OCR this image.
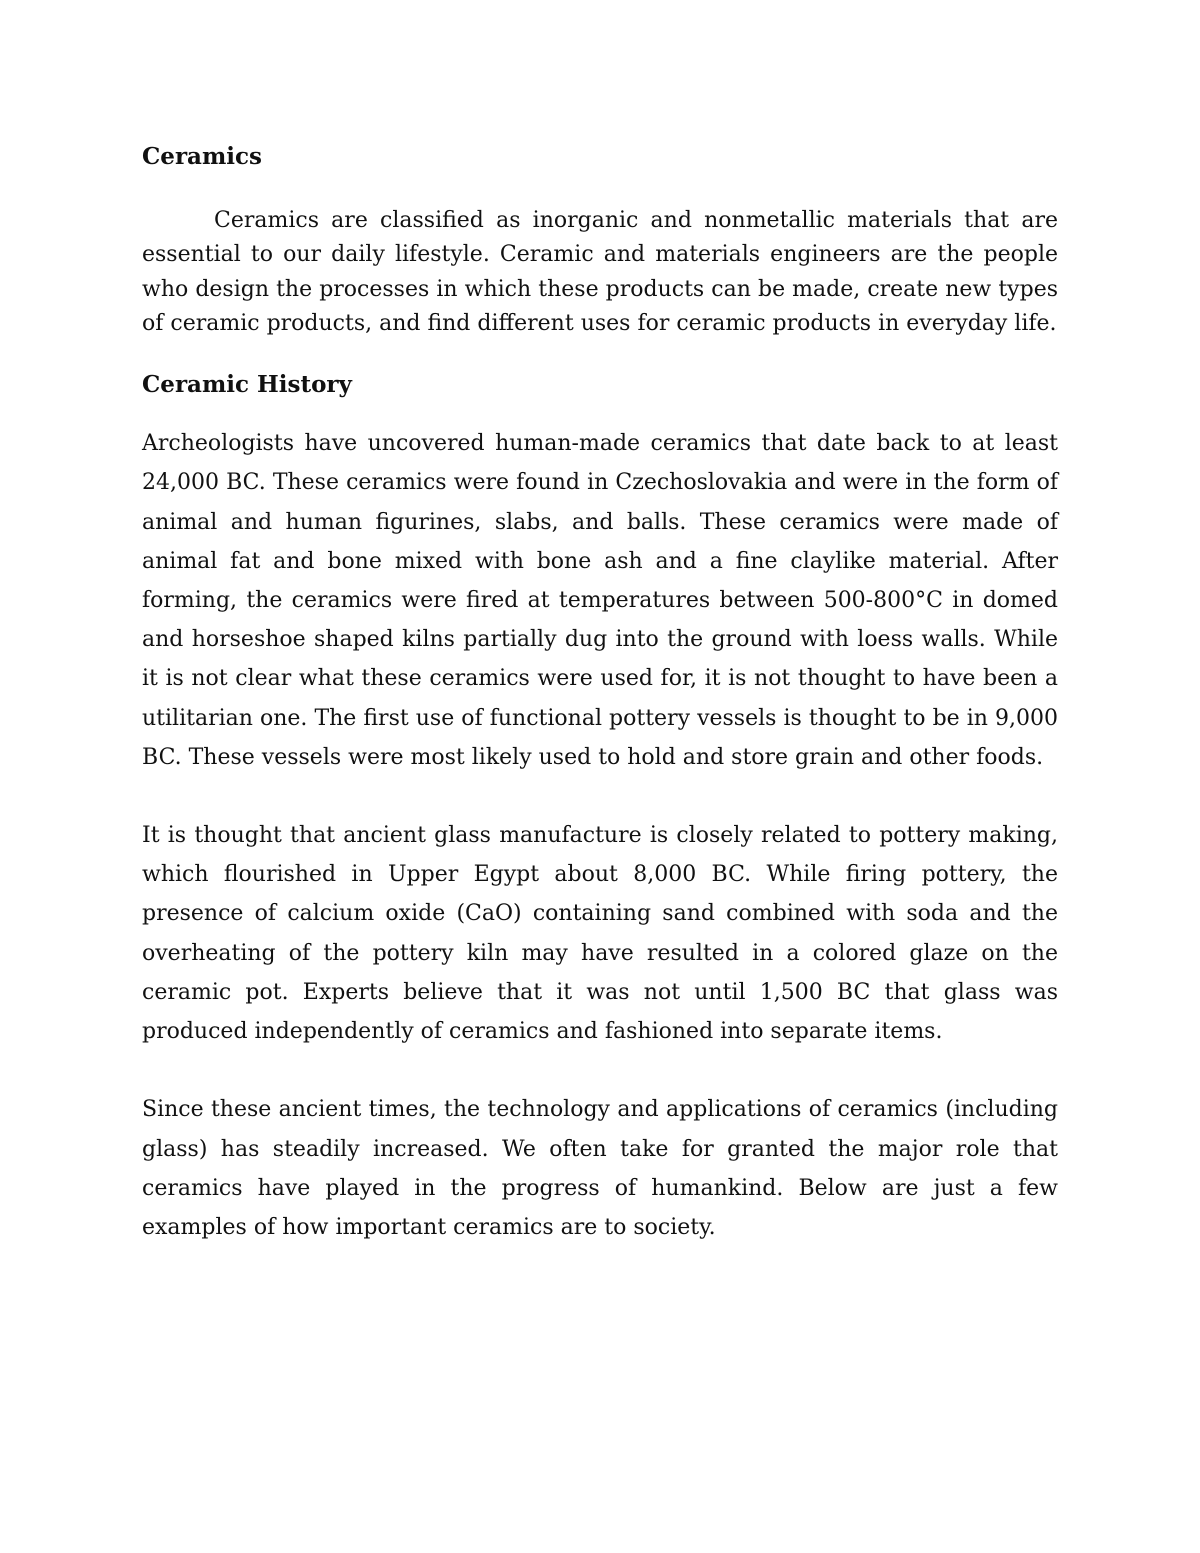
Ceramics

Ceramics are classified as inorganic and nonmetallic materials that are essential to our daily lifestyle. Ceramic and materials engineers are the people who design the processes in which these products can be made, create new types of ceramic products, and find different uses for ceramic products in everyday life.

Ceramic History

Archeologists have uncovered human-made ceramics that date back to at least 24,000 BC. These ceramics were found in Czechoslovakia and were in the form of animal and human figurines, slabs, and balls. These ceramics were made of animal fat and bone mixed with bone ash and a fine claylike material. After forming, the ceramics were fired at temperatures between 500-800°C in domed and horseshoe shaped kilns partially dug into the ground with loess walls. While it is not clear what these ceramics were used for, it is not thought to have been a utilitarian one. The first use of functional pottery vessels is thought to be in 9,000 BC. These vessels were most likely used to hold and store grain and other foods.

It is thought that ancient glass manufacture is closely related to pottery making, which flourished in Upper Egypt about 8,000 BC. While firing pottery, the presence of calcium oxide (CaO) containing sand combined with soda and the overheating of the pottery kiln may have resulted in a colored glaze on the ceramic pot. Experts believe that it was not until 1,500 BC that glass was produced independently of ceramics and fashioned into separate items.

Since these ancient times, the technology and applications of ceramics (including glass) has steadily increased. We often take for granted the major role that ceramics have played in the progress of humankind. Below are just a few examples of how important ceramics are to society.
